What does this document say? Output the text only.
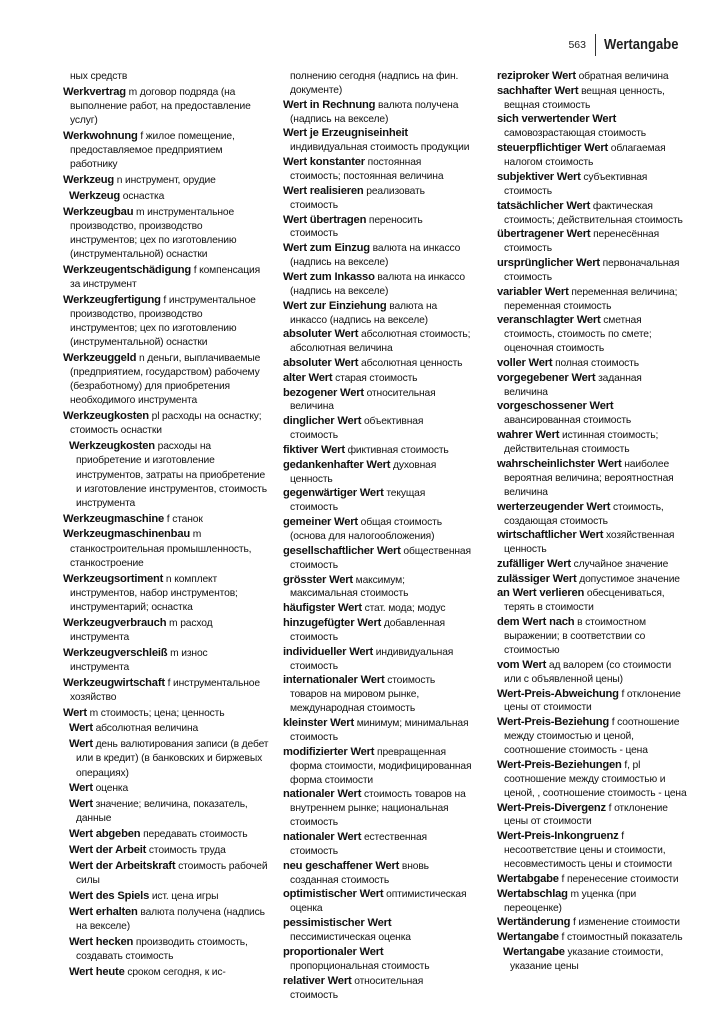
563 Wertangabe
ных средств
Werkvertrag m договор подряда (на выполнение работ, на предоставление услуг)
Werkwohnung f жилое помещение, предоставляемое предприятием работнику
Werkzeug n инструмент, орудие
Werkzeug оснастка
Werkzeugbau m инструментальное производство, производство инструментов; цех по изготовлению (инструментальной) оснастки
Werkzeugentschädigung f компенсация за инструмент
Werkzeugfertigung f инструментальное производство, производство инструментов; цех по изготовлению (инструментальной) оснастки
Werkzeuggeld n деньги, выплачиваемые (предприятием, государством) рабочему (безработному) для приобретения необходимого инструмента
Werkzeugkosten pl расходы на оснастку; стоимость оснастки
Werkzeugkosten расходы на приобретение и изготовление инструментов, затраты на приобретение и изготовление инструментов, стоимость инструмента
Werkzeugmaschine f станок
Werkzeugmaschinenbau m станкостроительная промышленность, станкостроение
Werkzeugsortiment n комплект инструментов, набор инструментов; инструментарий; оснастка
Werkzeugverbrauch m расход инструмента
Werkzeugverschleiß m износ инструмента
Werkzeugwirtschaft f инструментальное хозяйство
Wert m стоимость; цена; ценность
Wert абсолютная величина
Wert день валютирования записи (в дебет или в кредит) (в банковских и биржевых операциях)
Wert оценка
Wert значение; величина, показатель, данные
Wert abgeben передавать стоимость
Wert der Arbeit стоимость труда
Wert der Arbeitskraft стоимость рабочей силы
Wert des Spiels ист. цена игры
Wert erhalten валюта получена (надпись на векселе)
Wert hecken производить стоимость, создавать стоимость
Wert heute сроком сегодня, к ис-
полнению сегодня (надпись на фин. документе)
Wert in Rechnung валюта получена (надпись на векселе)
Wert je Erzeugniseinheit индивидуальная стоимость продукции
Wert konstanter постоянная стоимость; постоянная величина
Wert realisieren реализовать стоимость
Wert übertragen переносить стоимость
Wert zum Einzug валюта на инкассо (надпись на векселе)
Wert zum Inkasso валюта на инкассо (надпись на векселе)
Wert zur Einziehung валюта на инкассо (надпись на векселе)
absoluter Wert абсолютная стоимость; абсолютная величина
absoluter Wert абсолютная ценность
alter Wert старая стоимость
bezogener Wert относительная величина
dinglicher Wert объективная стоимость
fiktiver Wert фиктивная стоимость
gedankenhafter Wert духовная ценность
gegenwärtiger Wert текущая стоимость
gemeiner Wert общая стоимость (основа для налогообложения)
gesellschaftlicher Wert общественная стоимость
grösster Wert максимум; максимальная стоимость
häufigster Wert стат. мода; модус
hinzugefügter Wert добавленная стоимость
individueller Wert индивидуальная стоимость
internationaler Wert стоимость товаров на мировом рынке, международная стоимость
kleinster Wert минимум; минимальная стоимость
modifizierter Wert превращенная форма стоимости, модифицированная форма стоимости
nationaler Wert стоимость товаров на внутреннем рынке; национальная стоимость
nationaler Wert естественная стоимость
neu geschaffener Wert вновь созданная стоимость
optimistischer Wert оптимистическая оценка
pessimistischer Wert пессимистическая оценка
proportionaler Wert пропорциональная стоимость
relativer Wert относительная стоимость
reziproker Wert обратная величина
sachhafter Wert вещная ценность, вещная стоимость
sich verwertender Wert самовозрастающая стоимость
steuerpflichtiger Wert облагаемая налогом стоимость
subjektiver Wert субъективная стоимость
tatsächlicher Wert фактическая стоимость; действительная стоимость
übertragener Wert перенесённая стоимость
ursprünglicher Wert первоначальная стоимость
variabler Wert переменная величина; переменная стоимость
veranschlagter Wert сметная стоимость, стоимость по смете; оценочная стоимость
voller Wert полная стоимость
vorgegebener Wert заданная величина
vorgeschossener Wert авансированная стоимость
wahrer Wert истинная стоимость; действительная стоимость
wahrscheinlichster Wert наиболее вероятная величина; вероятностная величина
werterzeugender Wert стоимость, создающая стоимость
wirtschaftlicher Wert хозяйственная ценность
zufälliger Wert случайное значение
zulässiger Wert допустимое значение
an Wert verlieren обесцениваться, терять в стоимости
dem Wert nach в стоимостном выражении; в соответствии со стоимостью
vom Wert ад валорем (со стоимости или с объявленной цены)
Wert-Preis-Abweichung f отклонение цены от стоимости
Wert-Preis-Beziehung f соотношение между стоимостью и ценой, соотношение стоимость - цена
Wert-Preis-Beziehungen f, pl соотношение между стоимостью и ценой, , соотношение стоимость - цена
Wert-Preis-Divergenz f отклонение цены от стоимости
Wert-Preis-Inkongruenz f несоответствие цены и стоимости, несовместимость цены и стоимости
Wertabgabe f перенесение стоимости
Wertabschlag m уценка (при переоценке)
Wertänderung f изменение стоимости
Wertangabe f стоимостный показатель
Wertangabe указание стоимости, указание цены
